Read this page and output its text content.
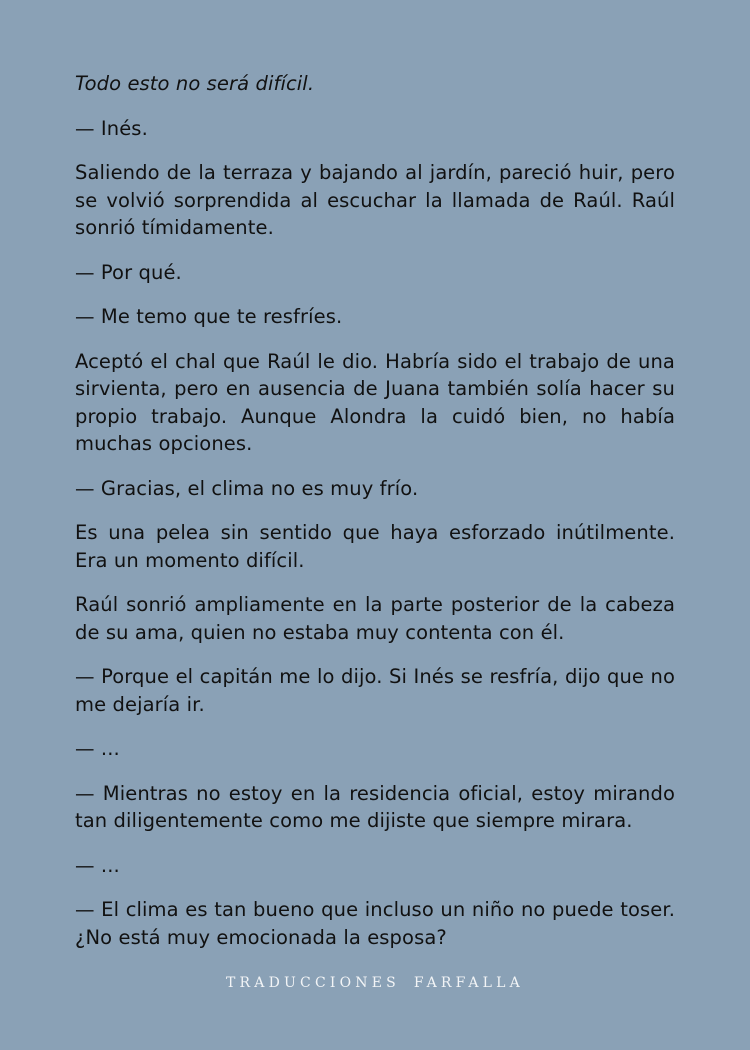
Todo esto no será difícil.

— Inés.

Saliendo de la terraza y bajando al jardín, pareció huir, pero se volvió sorprendida al escuchar la llamada de Raúl. Raúl sonrió tímidamente.

— Por qué.

— Me temo que te resfríes.

Aceptó el chal que Raúl le dio. Habría sido el trabajo de una sirvienta, pero en ausencia de Juana también solía hacer su propio trabajo. Aunque Alondra la cuidó bien, no había muchas opciones.

— Gracias, el clima no es muy frío.

Es una pelea sin sentido que haya esforzado inútilmente. Era un momento difícil.

Raúl sonrió ampliamente en la parte posterior de la cabeza de su ama, quien no estaba muy contenta con él.

— Porque el capitán me lo dijo. Si Inés se resfría, dijo que no me dejaría ir.

— ...

— Mientras no estoy en la residencia oficial, estoy mirando tan diligentemente como me dijiste que siempre mirara.

— ...

— El clima es tan bueno que incluso un niño no puede toser. ¿No está muy emocionada la esposa?

TRADUCCIONES FARFALLA
